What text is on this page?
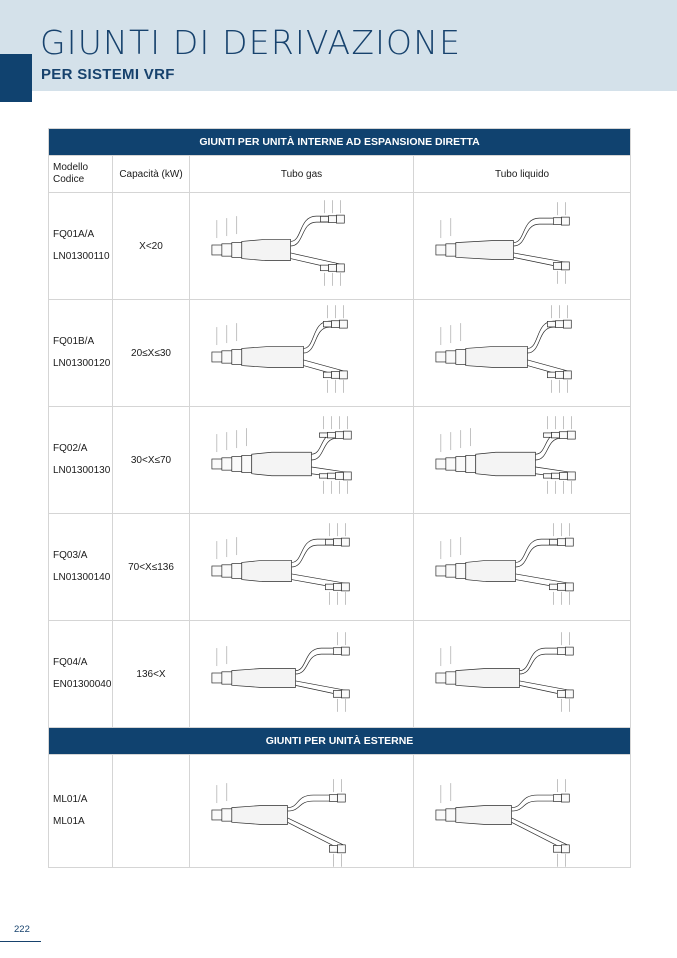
GIUNTI DI DERIVAZIONE
PER SISTEMI VRF
GIUNTI PER UNITÀ INTERNE AD ESPANSIONE DIRETTA			

Modello
Codice	Capacità (kW)	Tubo gas	Tubo liquido

FQ01A/A
LN01300110	X<20	

FQ01B/A
LN01300120	20≤X≤30	

FQ02/A
LN01300130	30<X≤70	

FQ03/A
LN01300140	70<X≤136	

FQ04/A
EN01300040	136<X	

GIUNTI PER UNITÀ ESTERNE			

ML01/A
ML01A

222
